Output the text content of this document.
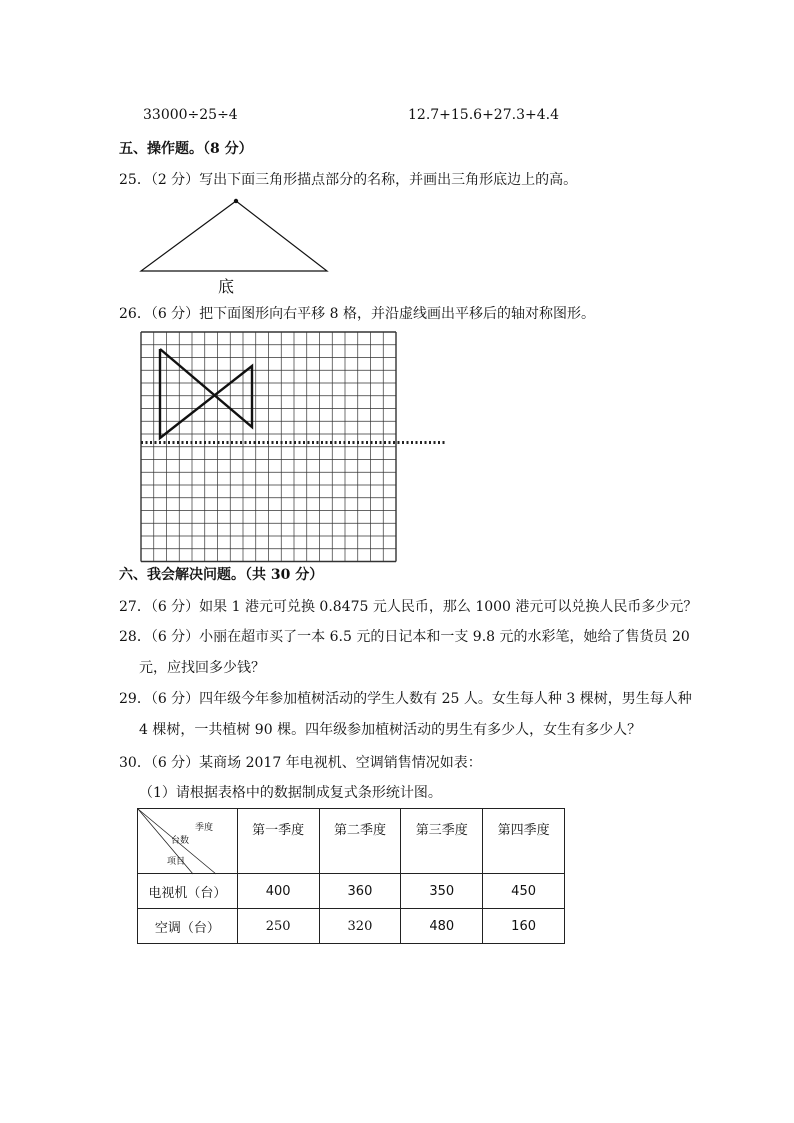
33000÷25÷4	12.7+15.6+27.3+4.4
五、操作题。（8 分）
25．（2 分）写出下面三角形描点部分的名称，并画出三角形底边上的高。
底
26．（6 分）把下面图形向右平移 8 格，并沿虚线画出平移后的轴对称图形。
六、我会解决问题。（共 30 分）
27．（6 分）如果 1 港元可兑换 0.8475 元人民币，那么 1000 港元可以兑换人民币多少元？
28．（6 分）小丽在超市买了一本 6.5 元的日记本和一支 9.8 元的水彩笔，她给了售货员 20
元，应找回多少钱？
29．（6 分）四年级今年参加植树活动的学生人数有 25 人。女生每人种 3 棵树，男生每人种
4 棵树，一共植树 90 棵。四年级参加植树活动的男生有多少人，女生有多少人？
30．（6 分）某商场 2017 年电视机、空调销售情况如表：
（1）请根据表格中的数据制成复式条形统计图。
季度
台数
项目	第一季度	第二季度	第三季度	第四季度
电视机（台）	400	360	350	450
空调（台）	250	320	480	160
